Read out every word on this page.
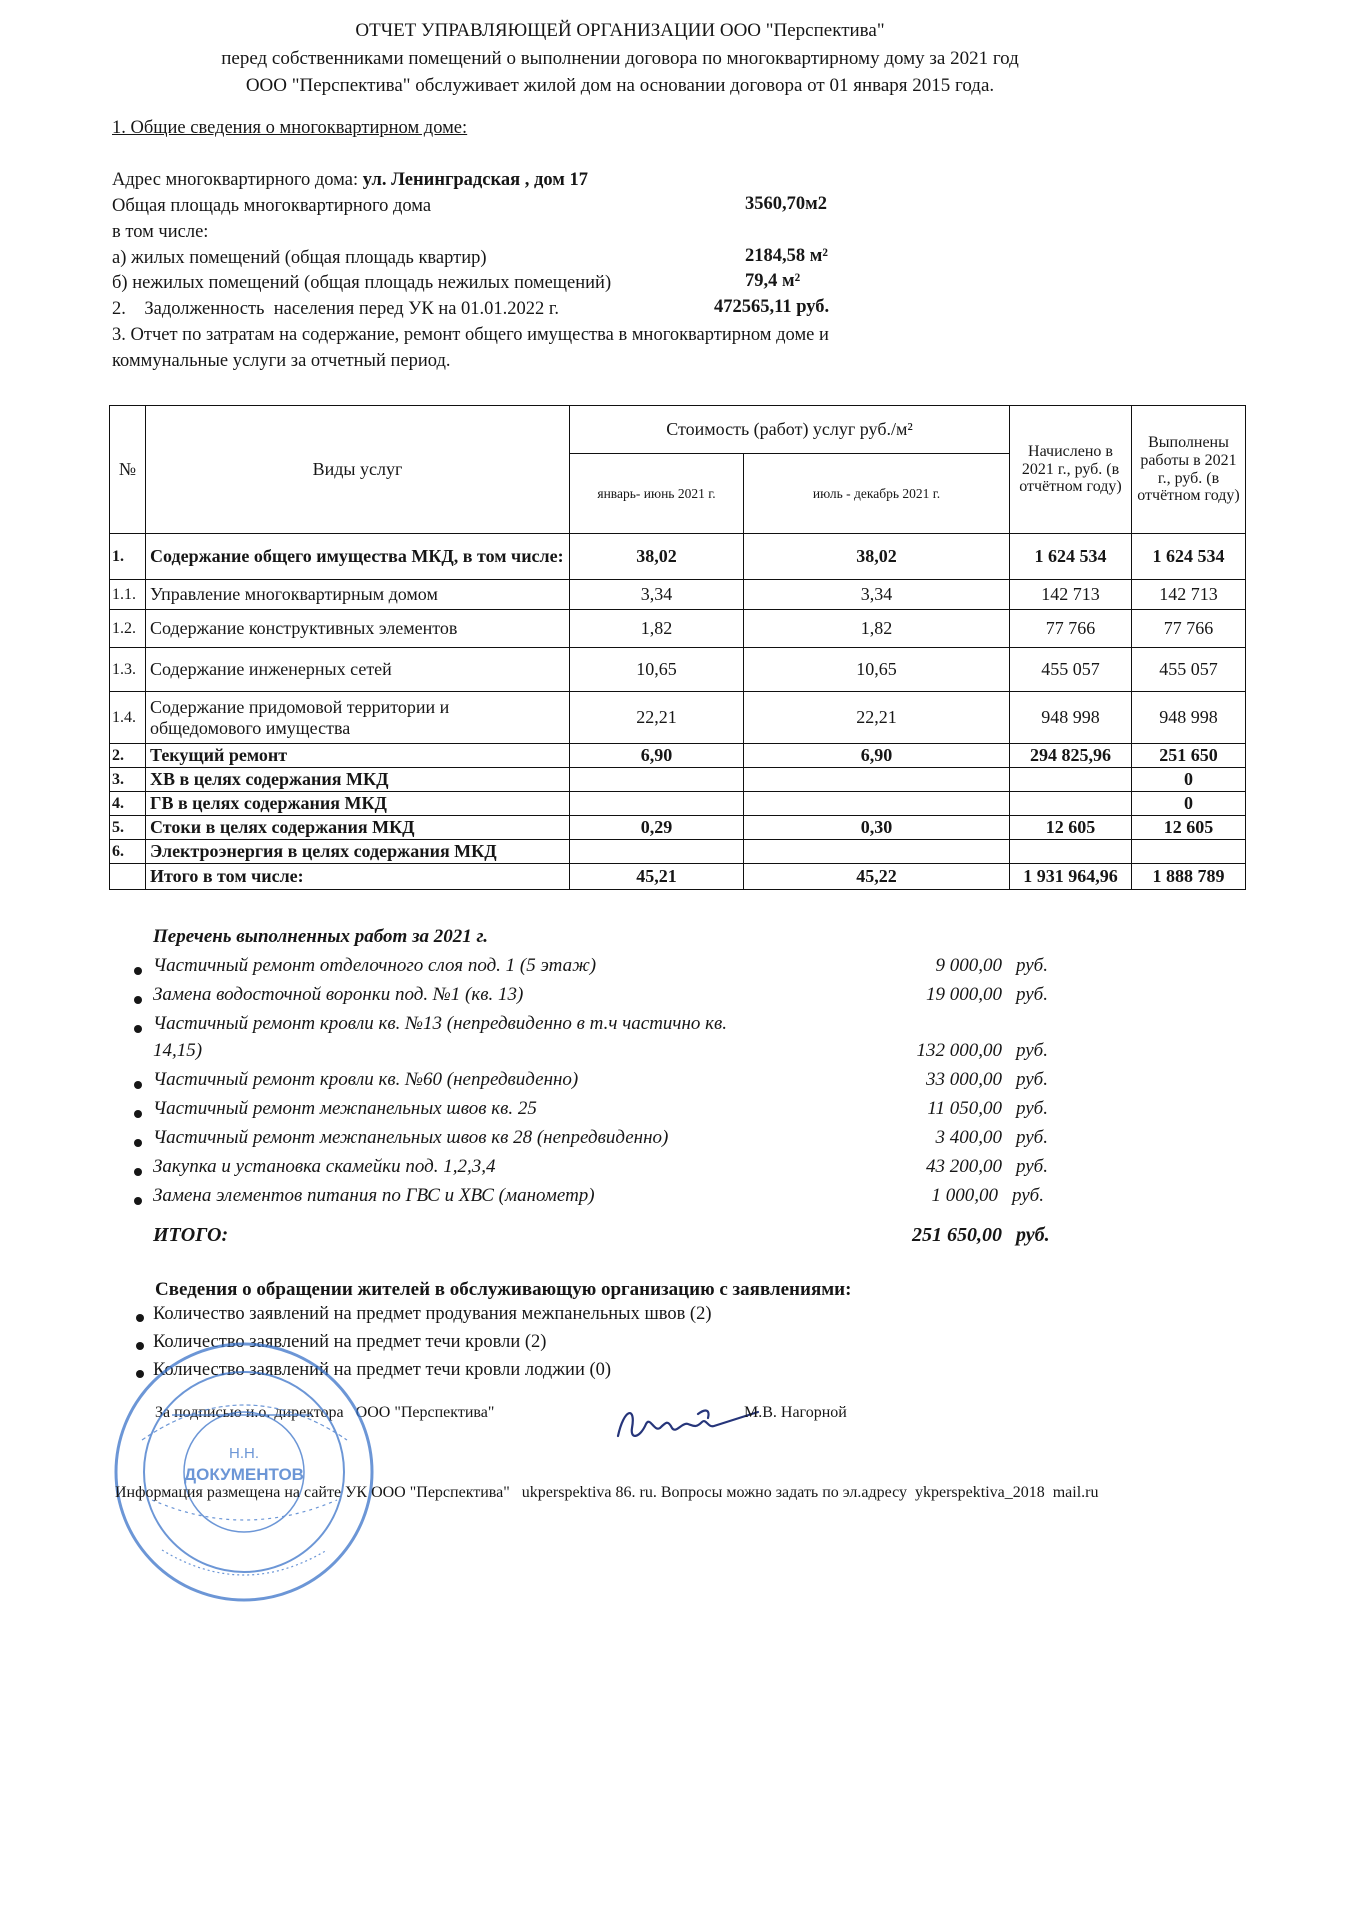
ОТЧЕТ УПРАВЛЯЮЩЕЙ ОРГАНИЗАЦИИ ООО "Перспектива"
перед собственниками помещений о выполнении договора по многоквартирному дому за 2021 год
ООО "Перспектива" обслуживает жилой дом на основании договора от 01 января 2015 года.
1. Общие сведения о многоквартирном доме:
Адрес многоквартирного дома: ул. Ленинградская , дом 17
Общая площадь многоквартирного дома	3560,70м2
в том числе:
а) жилых помещений (общая площадь квартир)	2184,58 м²
б) нежилых помещений (общая площадь нежилых помещений)	79,4 м²
2.    Задолженность  населения перед УК на 01.01.2022 г.	472565,11 руб.
3. Отчет по затратам на содержание, ремонт общего имущества в многоквартирном доме и
коммунальные услуги за отчетный период.
№	Виды услуг	Стоимость (работ) услуг руб./м²		Начислено в 2021 г., руб. (в отчётном году)	Выполнены работы в 2021 г., руб. (в отчётном году)
		январь- июнь 2021 г.	июль - декабрь 2021 г.		
1.	Содержание общего имущества МКД, в том числе:	38,02	38,02	1 624 534	1 624 534
1.1.	Управление многоквартирным домом	3,34	3,34	142 713	142 713
1.2.	Содержание конструктивных элементов	1,82	1,82	77 766	77 766
1.3.	Содержание инженерных сетей	10,65	10,65	455 057	455 057
1.4.	Содержание придомовой территории и общедомового имущества	22,21	22,21	948 998	948 998
2.	Текущий ремонт	6,90	6,90	294 825,96	251 650
3.	ХВ в целях содержания МКД				0
4.	ГВ в целях содержания МКД				0
5.	Стоки в целях содержания МКД	0,29	0,30	12 605	12 605
6.	Электроэнергия в целях содержания МКД				
	Итого в том числе:	45,21	45,22	1 931 964,96	1 888 789
Перечень выполненных работ за 2021 г.
Частичный ремонт отделочного слоя под. 1 (5 этаж)	9 000,00 руб.
Замена водосточной воронки под. №1 (кв. 13)	19 000,00 руб.
Частичный ремонт кровли кв. №13 (непредвиденно в т.ч частично кв.
14,15)	132 000,00 руб.
Частичный ремонт кровли кв. №60 (непредвиденно)	33 000,00 руб.
Частичный ремонт межпанельных швов кв. 25	11 050,00 руб.
Частичный ремонт межпанельных швов кв 28 (непредвиденно)	3 400,00 руб.
Закупка и установка скамейки под. 1,2,3,4	43 200,00 руб.
Замена элементов питания по ГВС и ХВС (манометр)	1 000,00 руб.
ИТОГО:	251 650,00 руб.
Сведения о обращении жителей в обслуживающую организацию с заявлениями:
Количество заявлений на предмет продувания межпанельных швов (2)
Количество заявлений на предмет течи кровли (2)
Количество заявлений на предмет течи кровли лоджии (0)
За подписью и.о. директора   ООО "Перспектива"	М.В. Нагорной
Н.Н.
ДОКУМЕНТОВ
Информация размещена на сайте УК ООО "Перспектива"   ukperspektiva 86. ru. Вопросы можно задать по эл.адресу  ykperspektiva_2018  mail.ru
